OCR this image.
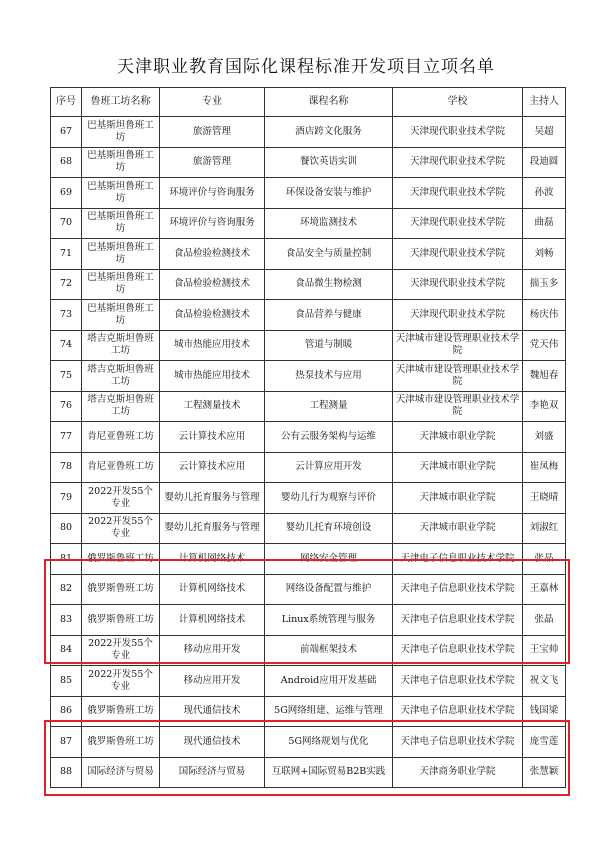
天津职业教育国际化课程标准开发项目立项名单
序号	鲁班工坊名称	专业	课程名称	学校	主持人
67	巴基斯坦鲁班工坊	旅游管理	酒店跨文化服务	天津现代职业技术学院	吴超
68	巴基斯坦鲁班工坊	旅游管理	餐饮英语实训	天津现代职业技术学院	段迪圆
69	巴基斯坦鲁班工坊	环境评价与咨询服务	环保设备安装与维护	天津现代职业技术学院	孙波
70	巴基斯坦鲁班工坊	环境评价与咨询服务	环境监测技术	天津现代职业技术学院	曲磊
71	巴基斯坦鲁班工坊	食品检验检测技术	食品安全与质量控制	天津现代职业技术学院	刘畅
72	巴基斯坦鲁班工坊	食品检验检测技术	食品微生物检测	天津现代职业技术学院	揣玉多
73	巴基斯坦鲁班工坊	食品检验检测技术	食品营养与健康	天津现代职业技术学院	杨庆伟
74	塔吉克斯坦鲁班工坊	城市热能应用技术	管道与制暖	天津城市建设管理职业技术学院	党天伟
75	塔吉克斯坦鲁班工坊	城市热能应用技术	热泵技术与应用	天津城市建设管理职业技术学院	魏旭春
76	塔吉克斯坦鲁班工坊	工程测量技术	工程测量	天津城市建设管理职业技术学院	李艳双
77	肯尼亚鲁班工坊	云计算技术应用	公有云服务架构与运维	天津城市职业学院	刘盛
78	肯尼亚鲁班工坊	云计算技术应用	云计算应用开发	天津城市职业学院	崔凤梅
79	2022开发55个专业	婴幼儿托育服务与管理	婴幼儿行为观察与评价	天津城市职业学院	王晓晴
80	2022开发55个专业	婴幼儿托育服务与管理	婴幼儿托育环境创设	天津城市职业学院	刘淑红
81	俄罗斯鲁班工坊	计算机网络技术	网络安全管理	天津电子信息职业技术学院	张晶
82	俄罗斯鲁班工坊	计算机网络技术	网络设备配置与维护	天津电子信息职业技术学院	王嘉林
83	俄罗斯鲁班工坊	计算机网络技术	Linux系统管理与服务	天津电子信息职业技术学院	张晶
84	2022开发55个专业	移动应用开发	前端框架技术	天津电子信息职业技术学院	王宝帅
85	2022开发55个专业	移动应用开发	Android应用开发基础	天津电子信息职业技术学院	祝文飞
86	俄罗斯鲁班工坊	现代通信技术	5G网络组建、运维与管理	天津电子信息职业技术学院	钱国梁
87	俄罗斯鲁班工坊	现代通信技术	5G网络规划与优化	天津电子信息职业技术学院	庞雪莲
88	国际经济与贸易	国际经济与贸易	互联网+国际贸易B2B实践	天津商务职业学院	张慧颖
